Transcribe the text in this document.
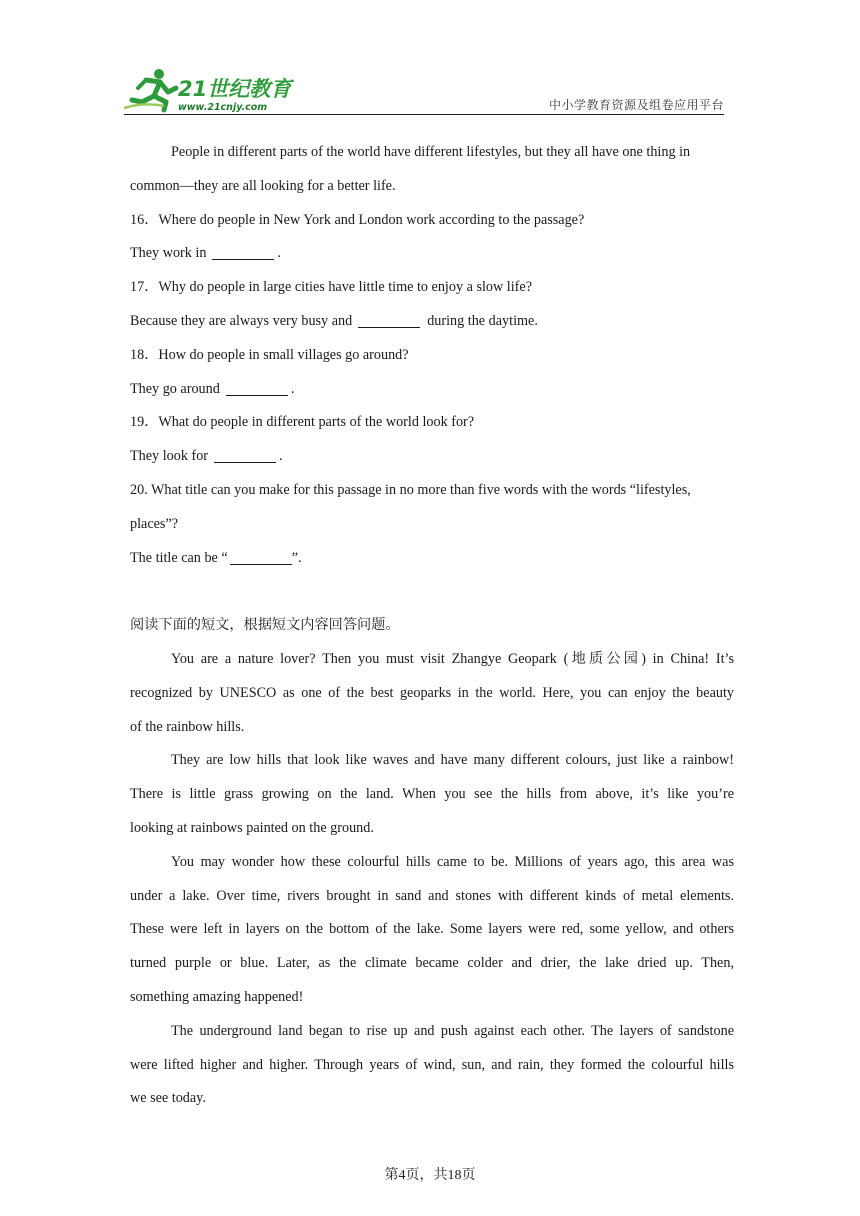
21世纪教育
www.21cnjy.com	中小学教育资源及组卷应用平台
People in different parts of the world have different lifestyles, but they all have one thing in
common—they are all looking for a better life.
16．Where do people in New York and London work according to the passage?
They work in	.
17．Why do people in large cities have little time to enjoy a slow life?
Because they are always very busy and	during the daytime.
18．How do people in small villages go around?
They go around	.
19．What do people in different parts of the world look for?
They look for	.
20. What title can you make for this passage in no more than five words with the words “lifestyles,
places”?
The title can be “	”.
阅读下面的短文，根据短文内容回答问题。
You are a nature lover? Then you must visit Zhangye Geopark (地质公园) in China! It’s
recognized by UNESCO as one of the best geoparks in the world. Here, you can enjoy the beauty
of the rainbow hills.
They are low hills that look like waves and have many different colours, just like a rainbow!
There is little grass growing on the land. When you see the hills from above, it’s like you’re
looking at rainbows painted on the ground.
You may wonder how these colourful hills came to be. Millions of years ago, this area was
under a lake. Over time, rivers brought in sand and stones with different kinds of metal elements.
These were left in layers on the bottom of the lake. Some layers were red, some yellow, and others
turned purple or blue. Later, as the climate became colder and drier, the lake dried up. Then,
something amazing happened!
The underground land began to rise up and push against each other. The layers of sandstone
were lifted higher and higher. Through years of wind, sun, and rain, they formed the colourful hills
we see today.
第4页，共18页
